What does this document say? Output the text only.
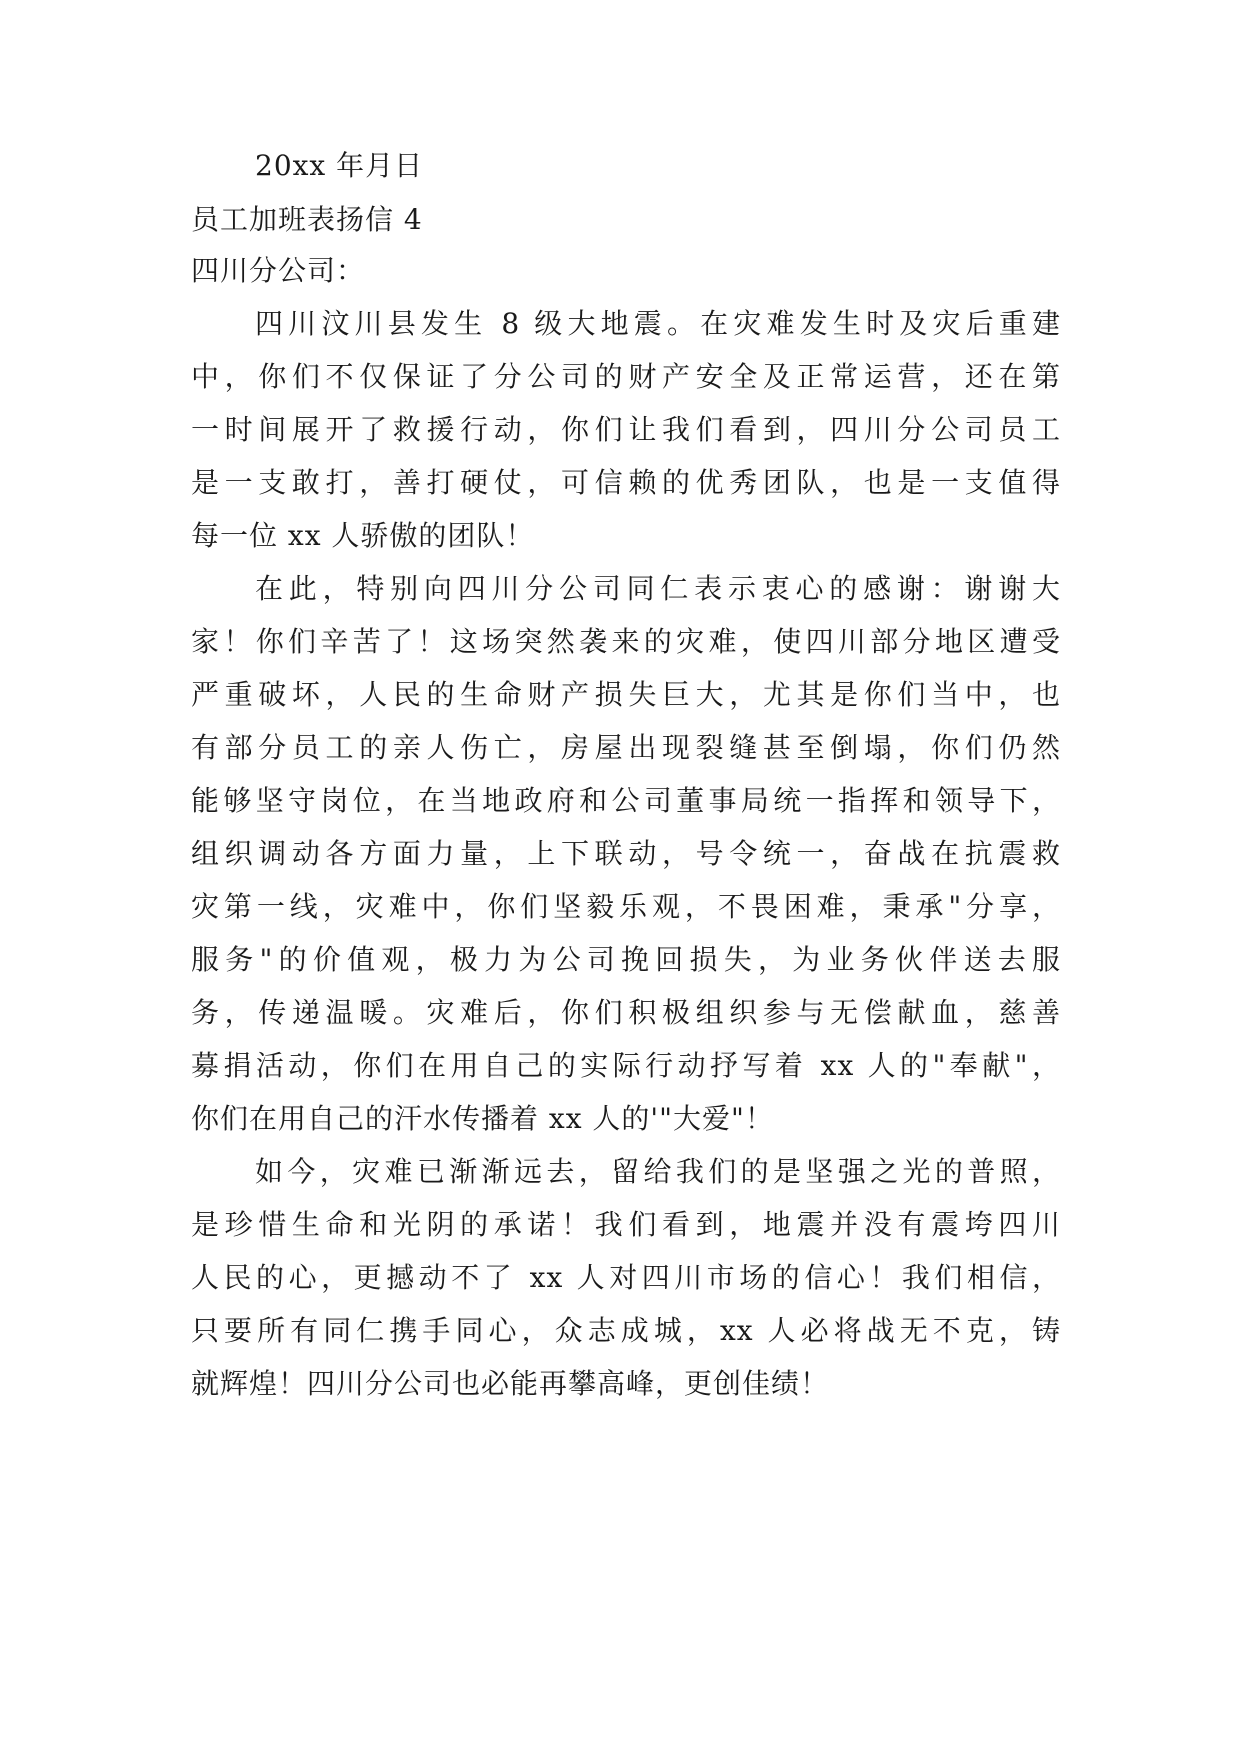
20xx 年月日
员工加班表扬信 4
四川分公司：
四川汶川县发生 8 级大地震。在灾难发生时及灾后重建
中，你们不仅保证了分公司的财产安全及正常运营，还在第
一时间展开了救援行动，你们让我们看到，四川分公司员工
是一支敢打，善打硬仗，可信赖的优秀团队，也是一支值得
每一位 xx 人骄傲的团队！
在此，特别向四川分公司同仁表示衷心的感谢：谢谢大
家！你们辛苦了！这场突然袭来的灾难，使四川部分地区遭受
严重破坏，人民的生命财产损失巨大，尤其是你们当中，也
有部分员工的亲人伤亡，房屋出现裂缝甚至倒塌，你们仍然
能够坚守岗位，在当地政府和公司董事局统一指挥和领导下，
组织调动各方面力量，上下联动，号令统一，奋战在抗震救
灾第一线，灾难中，你们坚毅乐观，不畏困难，秉承"分享，
服务"的价值观，极力为公司挽回损失，为业务伙伴送去服
务，传递温暖。灾难后，你们积极组织参与无偿献血，慈善
募捐活动，你们在用自己的实际行动抒写着 xx 人的"奉献"，
你们在用自己的汗水传播着 xx 人的'"大爱"！
如今，灾难已渐渐远去，留给我们的是坚强之光的普照，
是珍惜生命和光阴的承诺！我们看到，地震并没有震垮四川
人民的心，更撼动不了 xx 人对四川市场的信心！我们相信，
只要所有同仁携手同心，众志成城，xx 人必将战无不克，铸
就辉煌！四川分公司也必能再攀高峰，更创佳绩！
